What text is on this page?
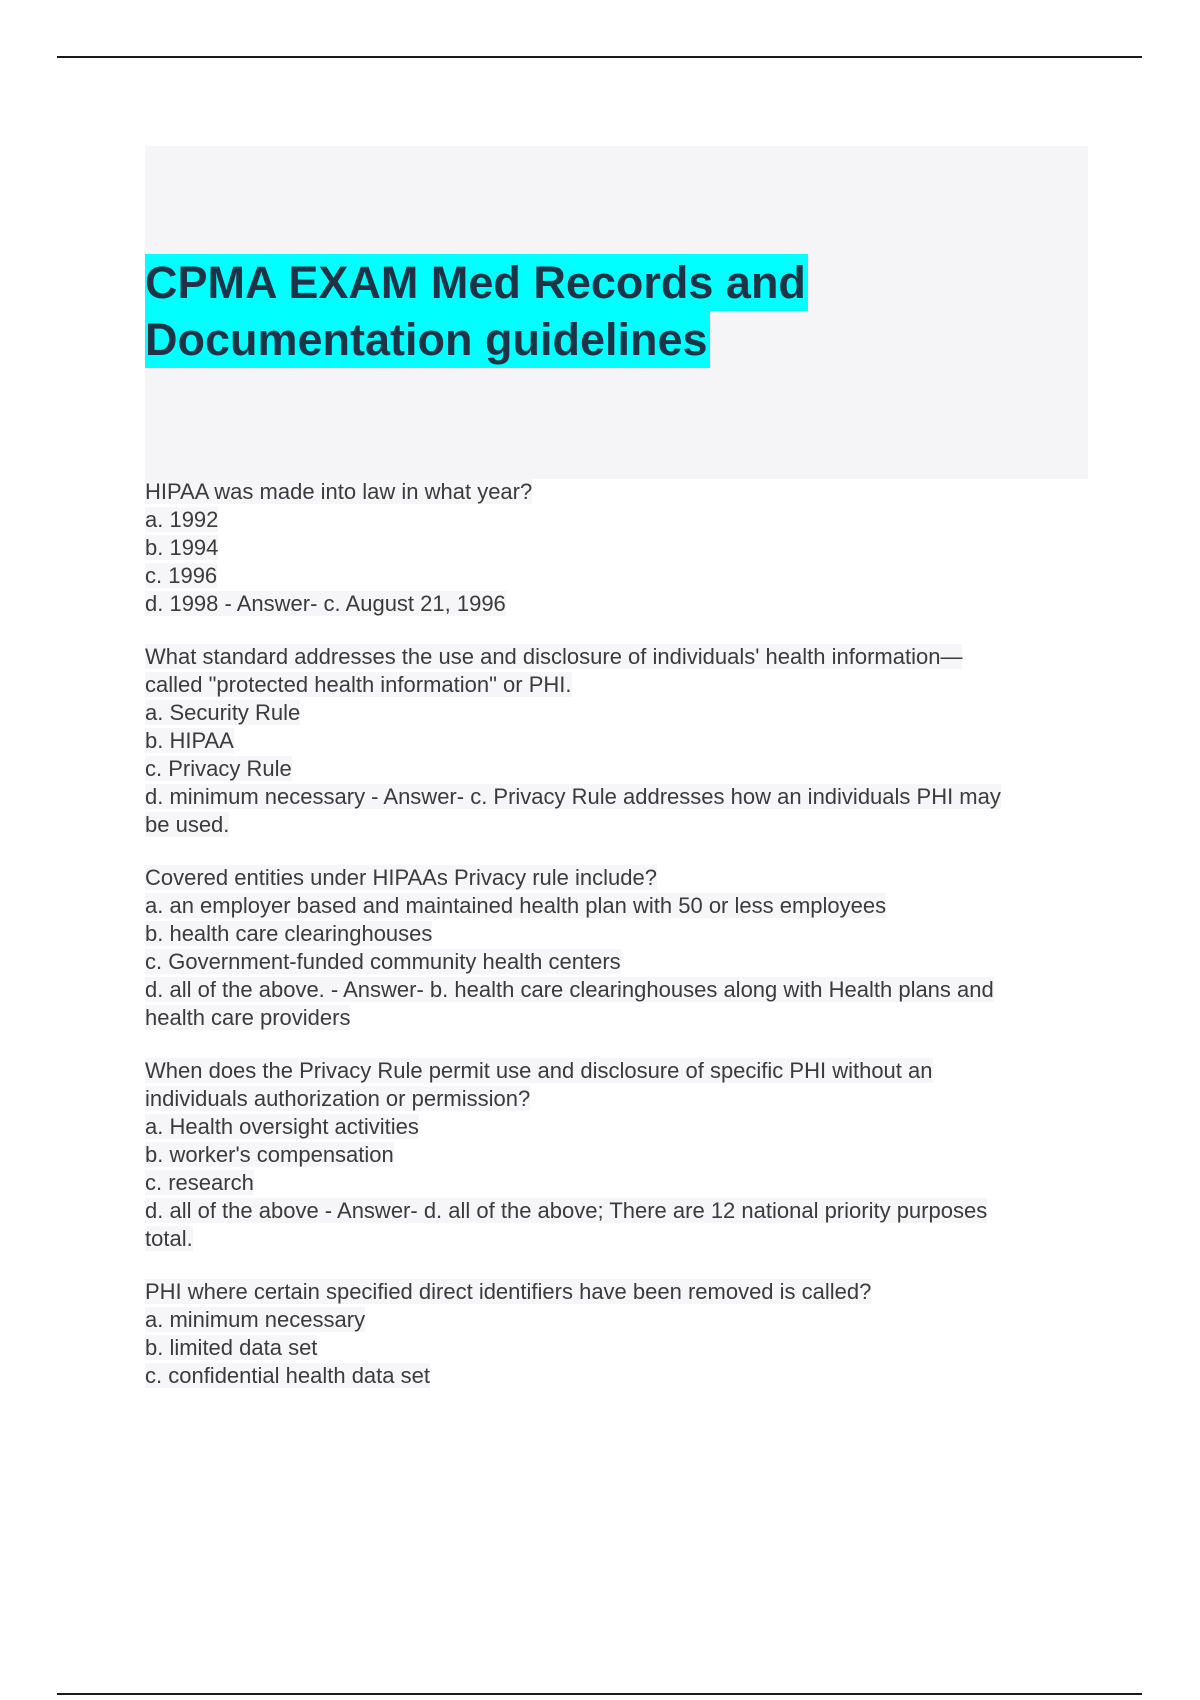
CPMA EXAM Med Records and
Documentation guidelines
HIPAA was made into law in what year?
a. 1992
b. 1994
c. 1996
d. 1998 - Answer- c. August 21, 1996
What standard addresses the use and disclosure of individuals' health information—
called "protected health information" or PHI.
a. Security Rule
b. HIPAA
c. Privacy Rule
d. minimum necessary - Answer- c. Privacy Rule addresses how an individuals PHI may
be used.
Covered entities under HIPAAs Privacy rule include?
a. an employer based and maintained health plan with 50 or less employees
b. health care clearinghouses
c. Government-funded community health centers
d. all of the above. - Answer- b. health care clearinghouses along with Health plans and
health care providers
When does the Privacy Rule permit use and disclosure of specific PHI without an
individuals authorization or permission?
a. Health oversight activities
b. worker's compensation
c. research
d. all of the above - Answer- d. all of the above; There are 12 national priority purposes
total.
PHI where certain specified direct identifiers have been removed is called?
a. minimum necessary
b. limited data set
c. confidential health data set
